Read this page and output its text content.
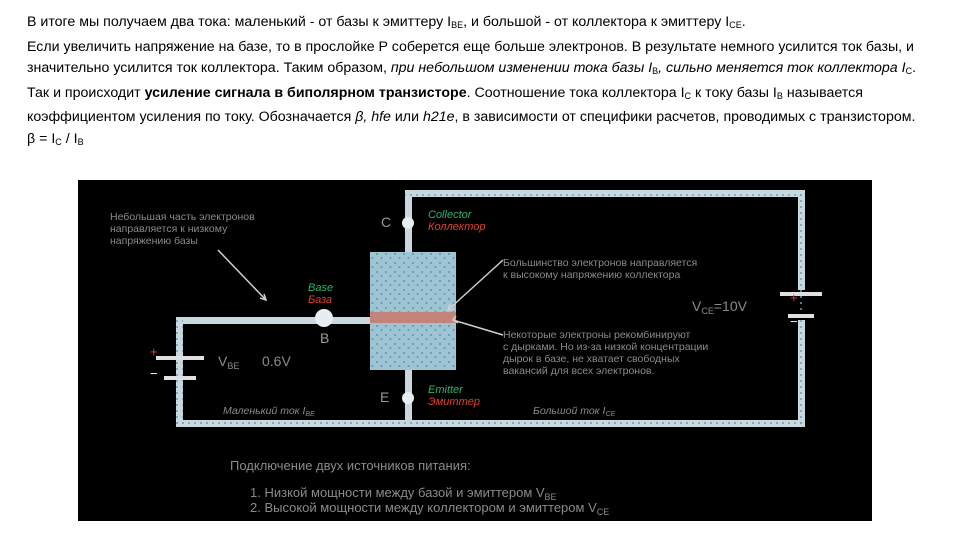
В итоге мы получаем два тока: маленький - от базы к эмиттеру $I_{BE}$, и большой - от коллектора к эмиттеру $I_{CE}$.

Если увеличить напряжение на базе, то в прослойке P соберется еще больше электронов. В результате немного усилится ток базы, и значительно усилится ток коллектора. Таким образом, при небольшом изменении тока базы $I_B$, сильно меняется ток коллектора $I_C$. Так и происходит усиление сигнала в биполярном транзисторе. Соотношение тока коллектора $I_C$ к току базы $I_B$ называется коэффициентом усиления по току. Обозначается β, hfe или h21e, в зависимости от специфики расчетов, проводимых с транзистором.

$\beta = I_C / I_B$

Небольшая часть электронов
направляется к низкому
напряжению базы
Большинство электронов направляется
к высокому напряжению коллектора
Некоторые электроны рекомбинируют
с дырками. Но из-за низкой концентрации
дырок в базе, не хватает свободных
вакансий для всех электронов.
C	Collector
Коллектор
Base
База
B
$V_{CE}=10V$
+
−
$V_{BE}$ 0.6V
+
−
E	Emitter
Эмиттер
Маленький ток IBE	Большой ток ICE
Подключение двух источников питания:
1. Низкой мощности между базой и эмиттером $V_{BE}$
2. Высокой мощности между коллектором и эмиттером $V_{CE}$
